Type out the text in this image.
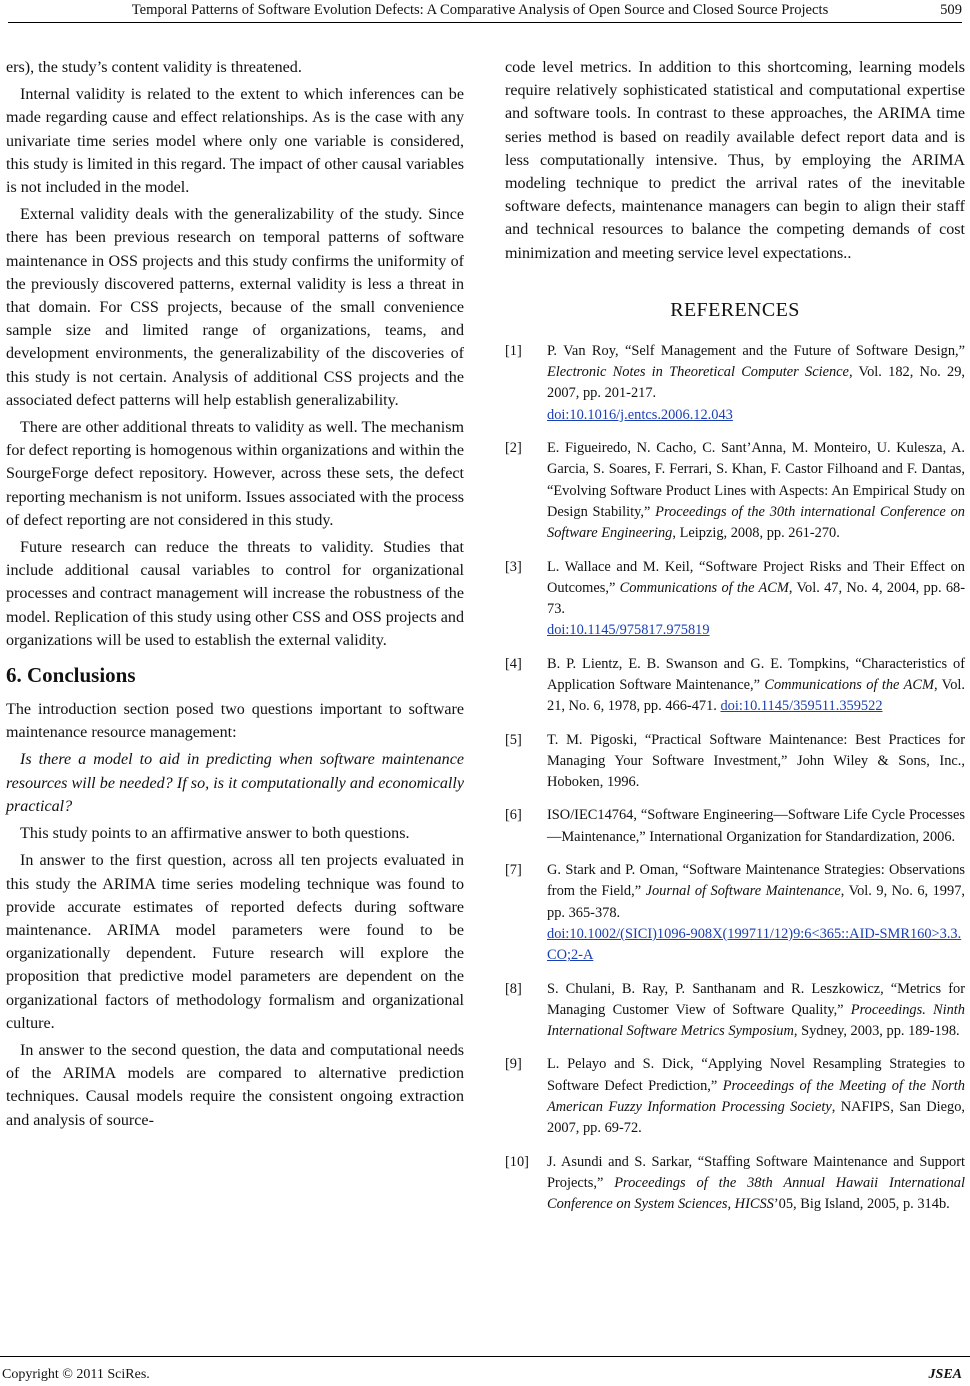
Temporal Patterns of Software Evolution Defects: A Comparative Analysis of Open Source and Closed Source Projects	509

ers), the study’s content validity is threatened.

Internal validity is related to the extent to which inferences can be made regarding cause and effect relationships. As is the case with any univariate time series model where only one variable is considered, this study is limited in this regard. The impact of other causal variables is not included in the model.

External validity deals with the generalizability of the study. Since there has been previous research on temporal patterns of software maintenance in OSS projects and this study confirms the uniformity of the previously discovered patterns, external validity is less a threat in that domain. For CSS projects, because of the small convenience sample size and limited range of organizations, teams, and development environments, the generalizability of the discoveries of this study is not certain. Analysis of additional CSS projects and the associated defect patterns will help establish generalizability.

There are other additional threats to validity as well. The mechanism for defect reporting is homogenous within organizations and within the SourgeForge defect repository. However, across these sets, the defect reporting mechanism is not uniform. Issues associated with the process of defect reporting are not considered in this study.

Future research can reduce the threats to validity. Studies that include additional causal variables to control for organizational processes and contract management will increase the robustness of the model. Replication of this study using other CSS and OSS projects and organizations will be used to establish the external validity.

6. Conclusions

The introduction section posed two questions important to software maintenance resource management:

Is there a model to aid in predicting when software maintenance resources will be needed? If so, is it computationally and economically practical?

This study points to an affirmative answer to both questions.

In answer to the first question, across all ten projects evaluated in this study the ARIMA time series modeling technique was found to provide accurate estimates of reported defects during software maintenance. ARIMA model parameters were found to be organizationally dependent. Future research will explore the proposition that predictive model parameters are dependent on the organizational factors of methodology formalism and organizational culture.

In answer to the second question, the data and computational needs of the ARIMA models are compared to alternative prediction techniques. Causal models require the consistent ongoing extraction and analysis of source-

code level metrics. In addition to this shortcoming, learning models require relatively sophisticated statistical and computational expertise and software tools. In contrast to these approaches, the ARIMA time series method is based on readily available defect report data and is less computationally intensive. Thus, by employing the ARIMA modeling technique to predict the arrival rates of the inevitable software defects, maintenance managers can begin to align their staff and technical resources to balance the competing demands of cost minimization and meeting service level expectations..

REFERENCES
[1]	P. Van Roy, “Self Management and the Future of Software Design,” Electronic Notes in Theoretical Computer Science, Vol. 182, No. 29, 2007, pp. 201-217.
doi:10.1016/j.entcs.2006.12.043
[2]	E. Figueiredo, N. Cacho, C. Sant’Anna, M. Monteiro, U. Kulesza, A. Garcia, S. Soares, F. Ferrari, S. Khan, F. Castor Filhoand and F. Dantas, “Evolving Software Product Lines with Aspects: An Empirical Study on Design Stability,” Proceedings of the 30th international Conference on Software Engineering, Leipzig, 2008, pp. 261-270.
[3]	L. Wallace and M. Keil, “Software Project Risks and Their Effect on Outcomes,” Communications of the ACM, Vol. 47, No. 4, 2004, pp. 68-73.
doi:10.1145/975817.975819
[4]	B. P. Lientz, E. B. Swanson and G. E. Tompkins, “Characteristics of Application Software Maintenance,” Communications of the ACM, Vol. 21, No. 6, 1978, pp. 466-471. doi:10.1145/359511.359522
[5]	T. M. Pigoski, “Practical Software Maintenance: Best Practices for Managing Your Software Investment,” John Wiley & Sons, Inc., Hoboken, 1996.
[6]	ISO/IEC14764, “Software Engineering—Software Life Cycle Processes—Maintenance,” International Organization for Standardization, 2006.
[7]	G. Stark and P. Oman, “Software Maintenance Strategies: Observations from the Field,” Journal of Software Maintenance, Vol. 9, No. 6, 1997, pp. 365-378.
doi:10.1002/(SICI)1096-908X(199711/12)9:6<365::AID-SMR160>3.3.CO;2-A
[8]	S. Chulani, B. Ray, P. Santhanam and R. Leszkowicz, “Metrics for Managing Customer View of Software Quality,” Proceedings. Ninth International Software Metrics Symposium, Sydney, 2003, pp. 189-198.
[9]	L. Pelayo and S. Dick, “Applying Novel Resampling Strategies to Software Defect Prediction,” Proceedings of the Meeting of the North American Fuzzy Information Processing Society, NAFIPS, San Diego, 2007, pp. 69-72.
[10]	J. Asundi and S. Sarkar, “Staffing Software Maintenance and Support Projects,” Proceedings of the 38th Annual Hawaii International Conference on System Sciences, HICSS’05, Big Island, 2005, p. 314b.
Copyright © 2011 SciRes.	JSEA
